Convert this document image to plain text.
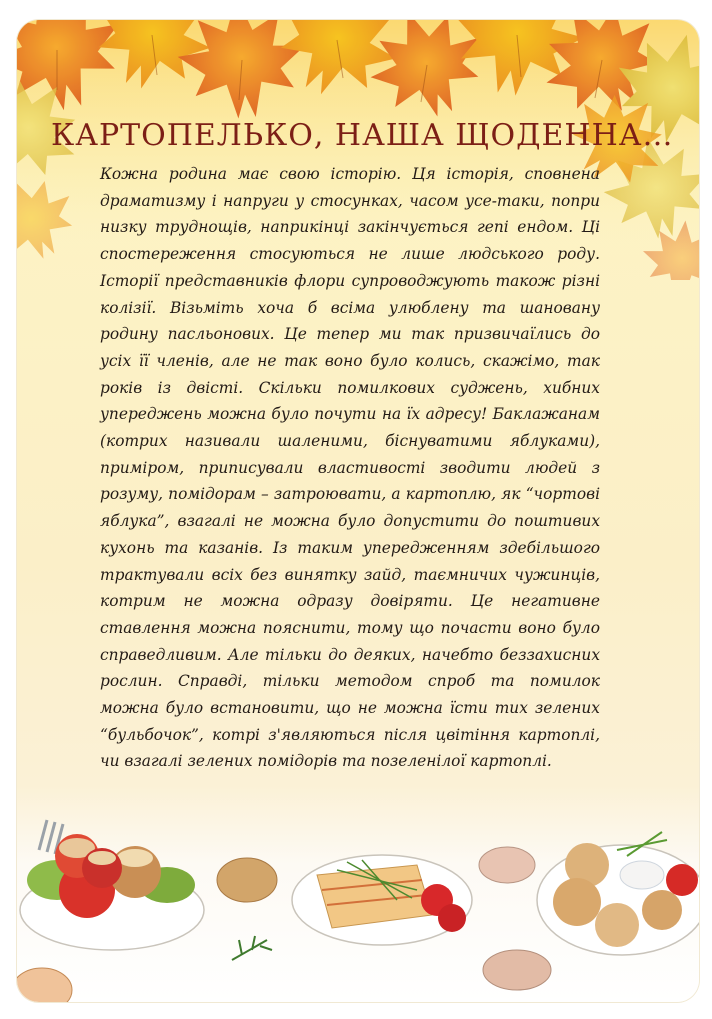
КАРТОПЕЛЬКО, НАША ЩОДЕННА…

Кожна родина має свою історію. Ця історія, сповнена драматизму і напруги у стосунках, часом усе-таки, попри низку труднощів, наприкінці закінчується гепі ендом. Ці спостереження стосуються не лише людського роду. Історії представників флори супроводжують також різні колізії. Візьміть хоча б всіма улюблену та шановану родину пасльонових. Це тепер ми так призвичаїлись до усіх її членів, але не так воно було колись, скажімо, так років із двісті. Скільки помилкових суджень, хибних упереджень можна було почути на їх адресу! Баклажанам (котрих називали шаленими, біснуватими яблуками), приміром, приписували властивості зводити людей з розуму, помідорам – затроювати, а картоплю, як “чортові яблука”, взагалі не можна було допустити до поштивих кухонь та казанів. Із таким упередженням здебільшого трактували всіх без винятку зайд, таємничих чужинців, котрим не можна одразу довіряти. Це негативне ставлення можна пояснити, тому що почасти воно було справедливим. Але тільки до деяких, начебто беззахисних рослин. Справді, тільки методом спроб та помилок можна було встановити, що не можна їсти тих зелених “бульбочок”, котрі з'являються після цвітіння картоплі, чи взагалі зелених помідорів та позеленілої картоплі.
